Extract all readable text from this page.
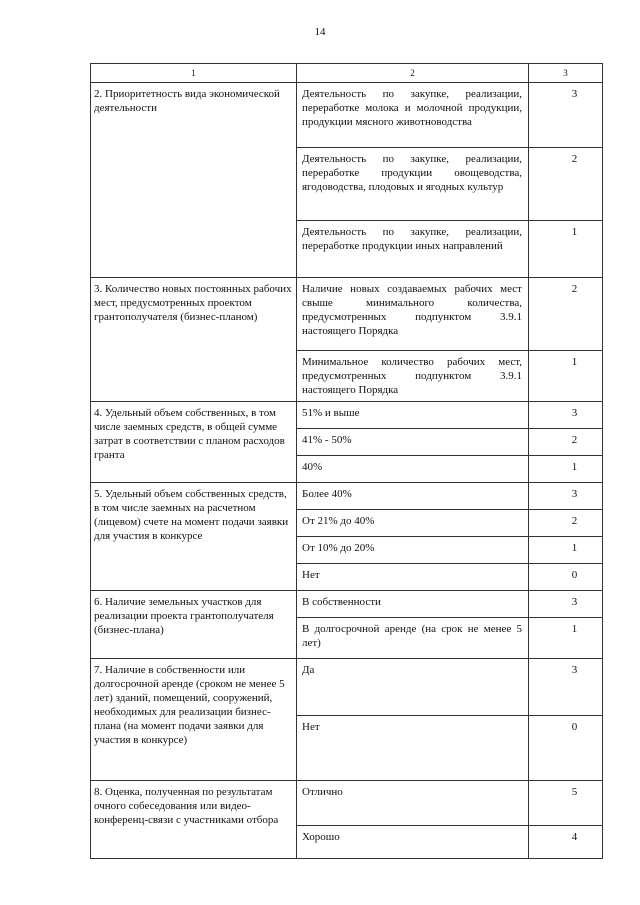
14
1	2	3
2. Приоритетность вида экономической деятельности	Деятельность по закупке, реализации, переработке молока и молочной продукции, продукции мясного животноводства	3
	Деятельность по закупке, реализации, переработке продукции овощеводства, ягодоводства, плодовых и ягодных культур	2
	Деятельность по закупке, реализации, переработке продукции иных направлений	1
3. Количество новых постоянных рабочих мест, предусмотренных проектом грантополучателя (бизнес-планом)	Наличие новых создаваемых рабочих мест свыше минимального количества, предусмотренных подпунктом 3.9.1 настоящего Порядка	2
	Минимальное количество рабочих мест, предусмотренных подпунктом 3.9.1 настоящего Порядка	1
4. Удельный объем собственных, в том числе заемных средств, в общей сумме затрат в соответствии с планом расходов гранта	51% и выше	3
	41% - 50%	2
	40%	1
5. Удельный объем собственных средств, в том числе заемных на расчетном (лицевом) счете на момент подачи заявки для участия в конкурсе	Более 40%	3
	От 21% до 40%	2
	От 10% до 20%	1
	Нет	0
6. Наличие земельных участков для реализации проекта грантополучателя (бизнес-плана)	В собственности	3
	В долгосрочной аренде (на срок не менее 5 лет)	1
7. Наличие в собственности или долгосрочной аренде (сроком не менее 5 лет) зданий, помещений, сооружений, необходимых для реализации бизнес-плана (на момент подачи заявки для участия в конкурсе)	Да	3
	Нет	0
8. Оценка, полученная по результатам очного собеседования или видео-конференц-связи с участниками отбора	Отлично	5
	Хорошо	4
